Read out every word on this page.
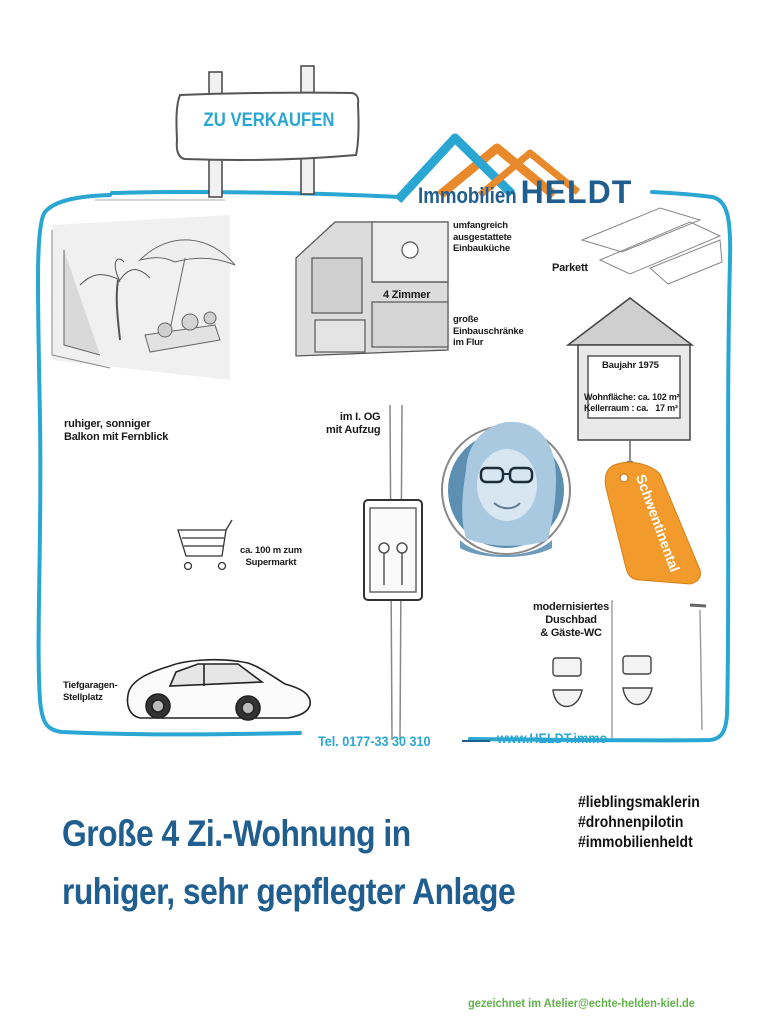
ZU VERKAUFEN
Immobilien HELDT
umfangreich
ausgestattete
Einbauküche
4 Zimmer
große
Einbauschränke
im Flur
Parkett
Baujahr 1975
Wohnfläche: ca. 102 m²
Kellerraum : ca.   17 m²
Schwentinental
ruhiger, sonniger
Balkon mit Fernblick
im I. OG
mit Aufzug
ca. 100 m zum
Supermarkt
modernisiertes
Duschbad
& Gäste-WC
Tiefgaragen-
Stellplatz
Tel. 0177-33 30 310	www.HELDT.immo
Große 4 Zi.-Wohnung in
ruhiger, sehr gepflegter Anlage
#lieblingsmaklerin
#drohnenpilotin
#immobilienheldt
gezeichnet im Atelier@echte-helden-kiel.de
